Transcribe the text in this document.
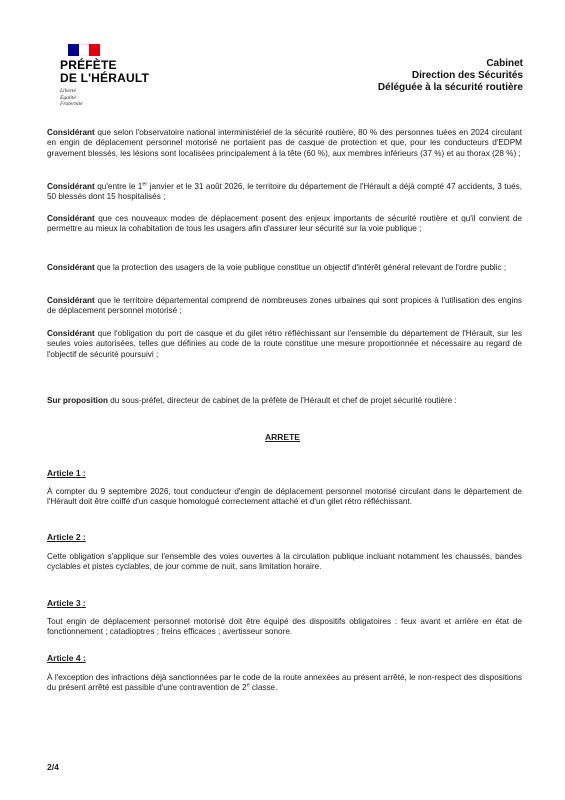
PRÉFÈTE
DE L'HÉRAULT
Liberté
Égalité
Fraternité
Cabinet
Direction des Sécurités
Déléguée à la sécurité routière
Considérant que selon l'observatoire national interministériel de la sécurité routière, 80 % des personnes tuées en 2024 circulant en engin de déplacement personnel motorisé ne portaient pas de casque de protection et que, pour les conducteurs d'EDPM gravement blessés, les lésions sont localisées principalement à la tête (60 %), aux membres inférieurs (37 %) et au thorax (28 %) ;
Considérant qu'entre le 1er janvier et le 31 août 2026, le territoire du département de l'Hérault a déjà compté 47 accidents, 3 tués, 50 blessés dont 15 hospitalisés ;
Considérant que ces nouveaux modes de déplacement posent des enjeux importants de sécurité routière et qu'il convient de permettre au mieux la cohabitation de tous les usagers afin d'assurer leur sécurité sur la voie publique ;
Considérant que la protection des usagers de la voie publique constitue un objectif d'intérêt général relevant de l'ordre public ;
Considérant que le territoire départemental comprend de nombreuses zones urbaines qui sont propices à l'utilisation des engins de déplacement personnel motorisé ;
Considérant que l'obligation du port de casque et du gilet rétro réfléchissant sur l'ensemble du département de l'Hérault, sur les seules voies autorisées, telles que définies au code de la route constitue une mesure proportionnée et nécessaire au regard de l'objectif de sécurité poursuivi ;
Sur proposition du sous-préfet, directeur de cabinet de la préfète de l'Hérault et chef de projet sécurité routière :
ARRETE
Article 1 :
À compter du 9 septembre 2026, tout conducteur d'engin de déplacement personnel motorisé circulant dans le département de l'Hérault doit être coiffé d'un casque homologué correctement attaché et d'un gilet rétro réfléchissant.
Article 2 :
Cette obligation s'applique sur l'ensemble des voies ouvertes à la circulation publique incluant notamment les chaussés, bandes cyclables et pistes cyclables, de jour comme de nuit, sans limitation horaire.
Article 3 :
Tout engin de déplacement personnel motorisé doit être équipé des dispositifs obligatoires : feux avant et arrière en état de fonctionnement ; catadioptres ; freins efficaces ; avertisseur sonore.
Article 4 :
À l'exception des infractions déjà sanctionnées par le code de la route annexées au présent arrêté, le non-respect des dispositions du présent arrêté est passible d'une contravention de 2e classe.
2/4
